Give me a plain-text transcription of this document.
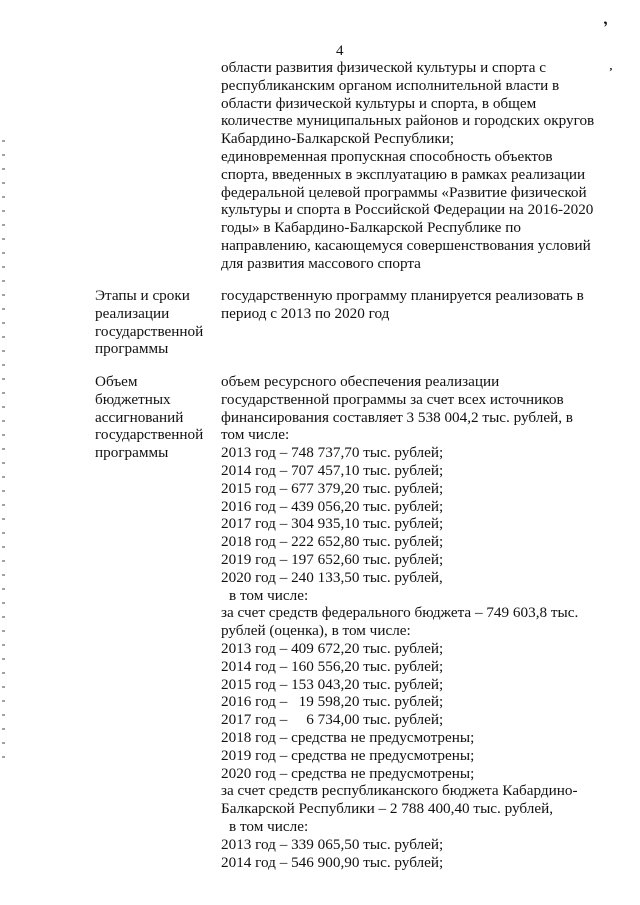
’
ʼ
4
области развития физической культуры и спорта с
республиканским органом исполнительной власти в
области физической культуры и спорта, в общем
количестве муниципальных районов и городских округов
Кабардино-Балкарской Республики;
единовременная пропускная способность объектов
спорта, введенных в эксплуатацию в рамках реализации
федеральной целевой программы «Развитие физической
культуры и спорта в Российской Федерации на 2016-2020
годы» в Кабардино-Балкарской Республике по
направлению, касающемуся совершенствования условий
для развития массового спорта
Этапы и сроки
реализации
государственной
программы
государственную программу планируется реализовать в
период с 2013 по 2020 год
Объем
бюджетных
ассигнований
государственной
программы
объем ресурсного обеспечения реализации
государственной программы за счет всех источников
финансирования составляет 3 538 004,2 тыс. рублей, в
том числе:
2013 год – 748 737,70 тыс. рублей;
2014 год – 707 457,10 тыс. рублей;
2015 год – 677 379,20 тыс. рублей;
2016 год – 439 056,20 тыс. рублей;
2017 год – 304 935,10 тыс. рублей;
2018 год – 222 652,80 тыс. рублей;
2019 год – 197 652,60 тыс. рублей;
2020 год – 240 133,50 тыс. рублей,
в том числе:
за счет средств федерального бюджета – 749 603,8 тыс.
рублей (оценка), в том числе:
2013 год – 409 672,20 тыс. рублей;
2014 год – 160 556,20 тыс. рублей;
2015 год – 153 043,20 тыс. рублей;
2016 год –   19 598,20 тыс. рублей;
2017 год –     6 734,00 тыс. рублей;
2018 год – средства не предусмотрены;
2019 год – средства не предусмотрены;
2020 год – средства не предусмотрены;
за счет средств республиканского бюджета Кабардино-
Балкарской Республики – 2 788 400,40 тыс. рублей,
в том числе:
2013 год – 339 065,50 тыс. рублей;
2014 год – 546 900,90 тыс. рублей;
